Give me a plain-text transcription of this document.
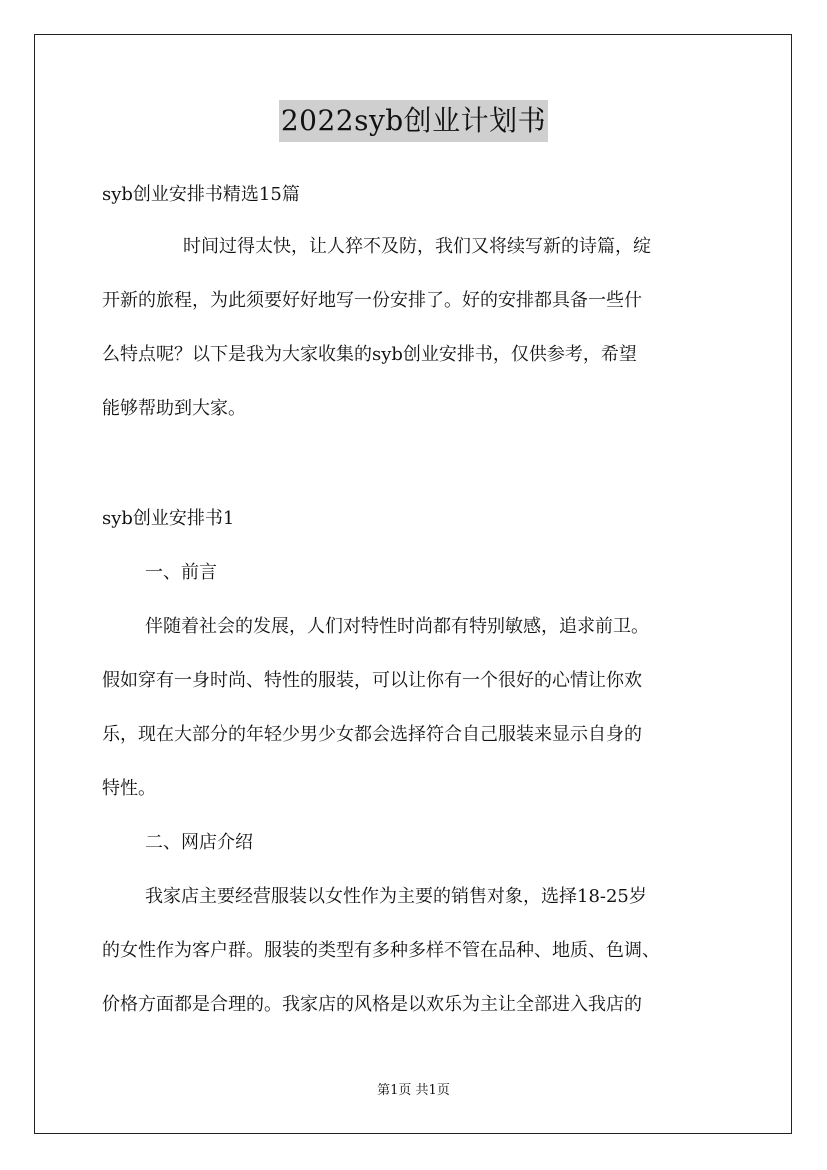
2022syb创业计划书
syb创业安排书精选15篇
时间过得太快，让人猝不及防，我们又将续写新的诗篇，绽
开新的旅程，为此须要好好地写一份安排了。好的安排都具备一些什
么特点呢？以下是我为大家收集的syb创业安排书，仅供参考，希望
能够帮助到大家。
syb创业安排书1
一、前言
伴随着社会的发展，人们对特性时尚都有特别敏感，追求前卫。
假如穿有一身时尚、特性的服装，可以让你有一个很好的心情让你欢
乐，现在大部分的年轻少男少女都会选择符合自己服装来显示自身的
特性。
二、网店介绍
我家店主要经营服装以女性作为主要的销售对象，选择18-25岁
的女性作为客户群。服装的类型有多种多样不管在品种、地质、色调、
价格方面都是合理的。我家店的风格是以欢乐为主让全部进入我店的
第1页 共1页
